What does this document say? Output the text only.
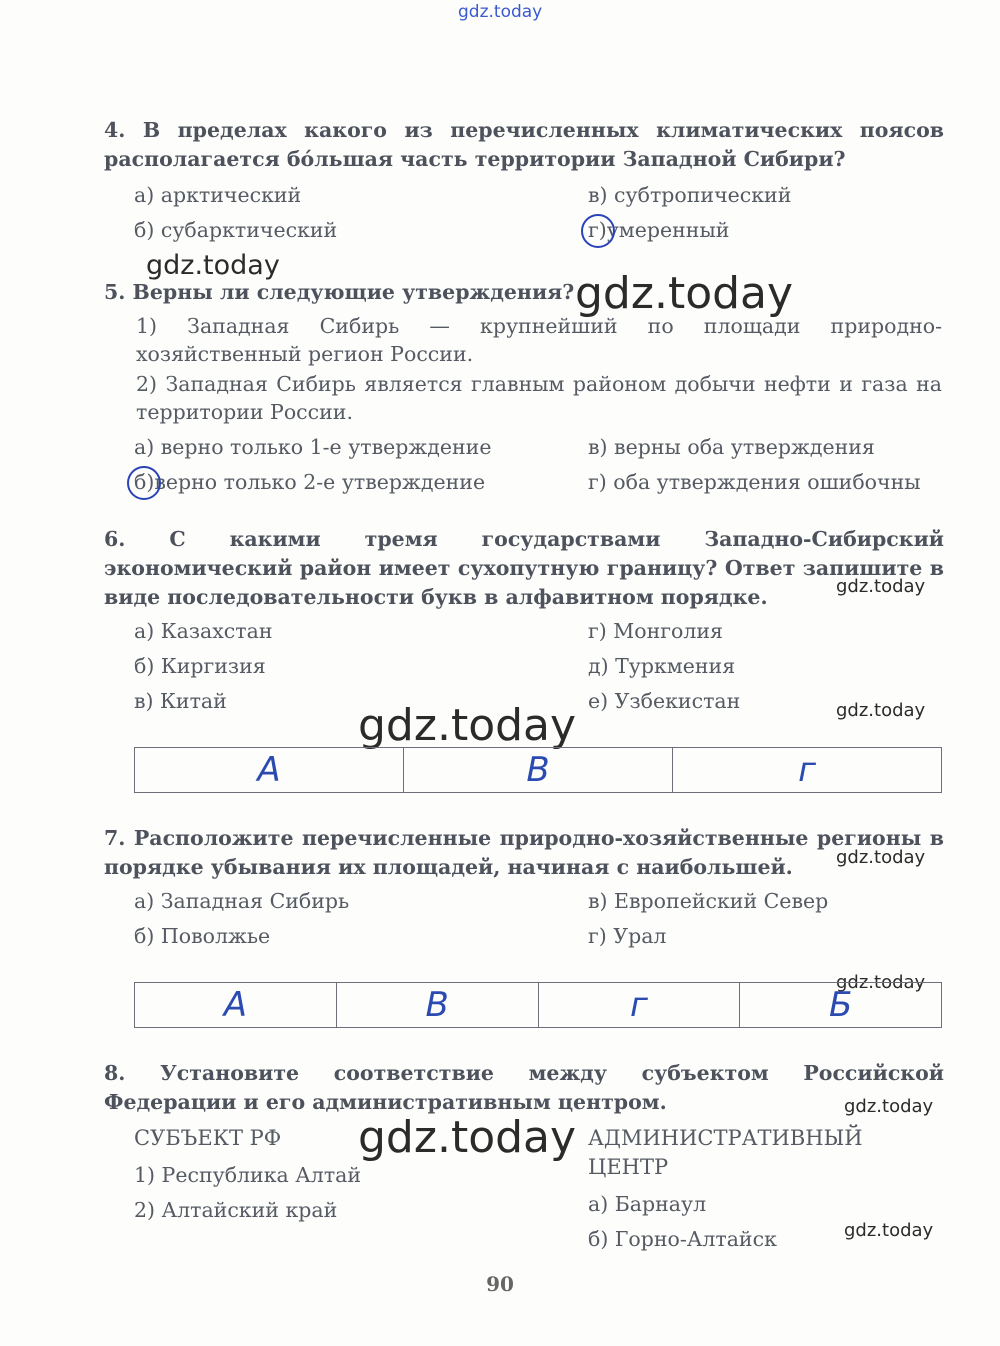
gdz.today
gdz.today
gdz.today
gdz.today
gdz.today	gdz.today
gdz.today
gdz.today
gdz.today
gdz.today
gdz.today
4. В пределах какого из перечисленных климатических поясов располагается бо́льшая часть территории Западной Сибири?
а) арктический
б) субарктический
в) субтропический
г)умеренный
5. Верны ли следующие утверждения?
1) Западная Сибирь — крупнейший по площади природно-хозяйственный регион России.
2) Западная Сибирь является главным районом добычи нефти и газа на территории России.
а) верно только 1-е утверждение
б)верно только 2-е утверждение
в) верны оба утверждения
г) оба утверждения ошибочны
6. С какими тремя государствами Западно-Сибирский экономический район имеет сухопутную границу? Ответ запишите в виде последовательности букв в алфавитном порядке.
а) Казахстан
б) Киргизия
в) Китай
г) Монголия
д) Туркмения
е) Узбекистан
А	В	г
7. Расположите перечисленные природно-хозяйственные регионы в порядке убывания их площадей, начиная с наибольшей.
а) Западная Сибирь
б) Поволжье
в) Европейский Север
г) Урал
А	В	г	Б
8. Установите соответствие между субъектом Российской Федерации и его административным центром.
СУБЪЕКТ РФ
1) Республика Алтай
2) Алтайский край
АДМИНИСТРАТИВНЫЙ
ЦЕНТР
а) Барнаул
б) Горно-Алтайск
90
